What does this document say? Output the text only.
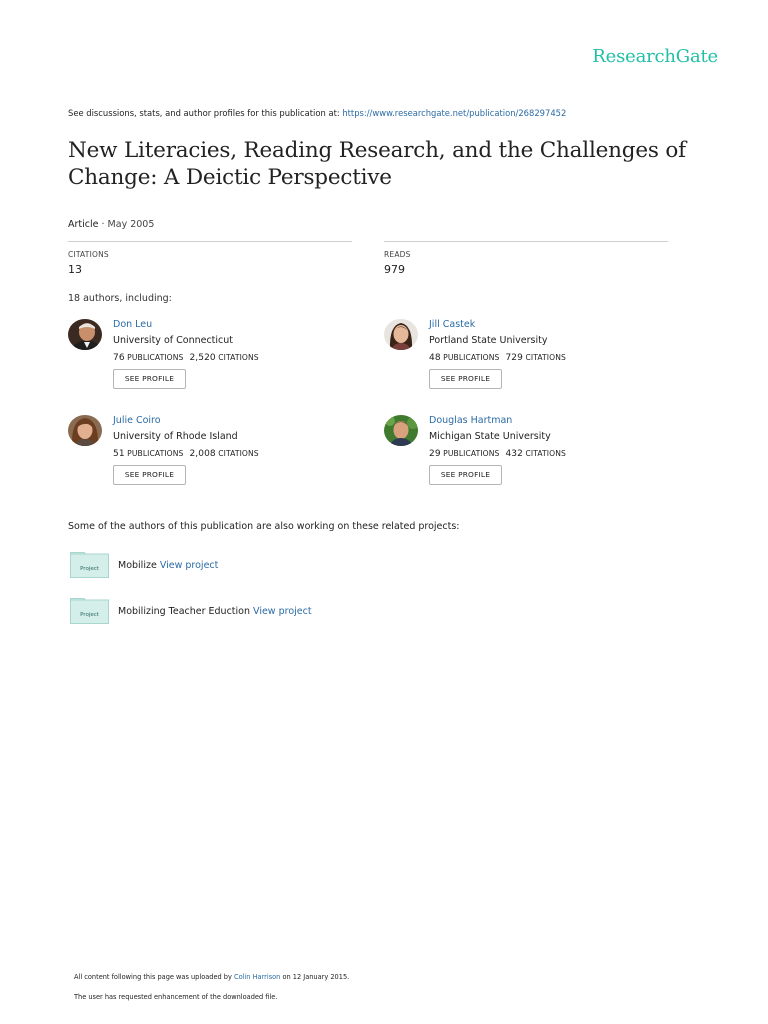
ResearchGate
See discussions, stats, and author profiles for this publication at: https://www.researchgate.net/publication/268297452
New Literacies, Reading Research, and the Challenges of Change: A Deictic Perspective
Article · May 2005
CITATIONS
13
READS
979
18 authors, including:
Don Leu
University of Connecticut
76 PUBLICATIONS 2,520 CITATIONS
SEE PROFILE
Jill Castek
Portland State University
48 PUBLICATIONS 729 CITATIONS
SEE PROFILE
Julie Coiro
University of Rhode Island
51 PUBLICATIONS 2,008 CITATIONS
SEE PROFILE
Douglas Hartman
Michigan State University
29 PUBLICATIONS 432 CITATIONS
SEE PROFILE
Some of the authors of this publication are also working on these related projects:
Project Mobilize View project
Project Mobilizing Teacher Eduction View project
All content following this page was uploaded by Colin Harrison on 12 January 2015.
The user has requested enhancement of the downloaded file.
